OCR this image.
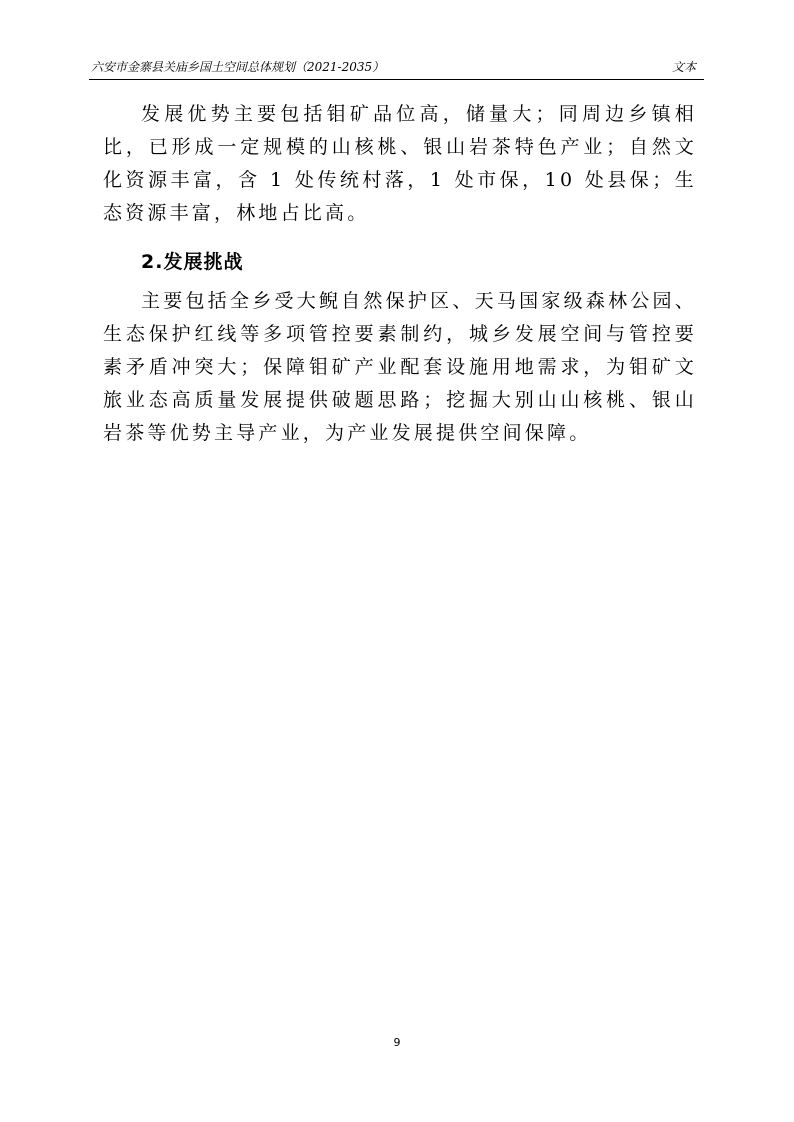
六安市金寨县关庙乡国土空间总体规划（2021-2035）	文本

发展优势主要包括钼矿品位高，储量大；同周边乡镇相比，已形成一定规模的山核桃、银山岩茶特色产业；自然文化资源丰富，含 1 处传统村落，1 处市保，10 处县保；生态资源丰富，林地占比高。

2.发展挑战

主要包括全乡受大鲵自然保护区、天马国家级森林公园、生态保护红线等多项管控要素制约，城乡发展空间与管控要素矛盾冲突大；保障钼矿产业配套设施用地需求，为钼矿文旅业态高质量发展提供破题思路；挖掘大别山山核桃、银山岩茶等优势主导产业，为产业发展提供空间保障。

9
